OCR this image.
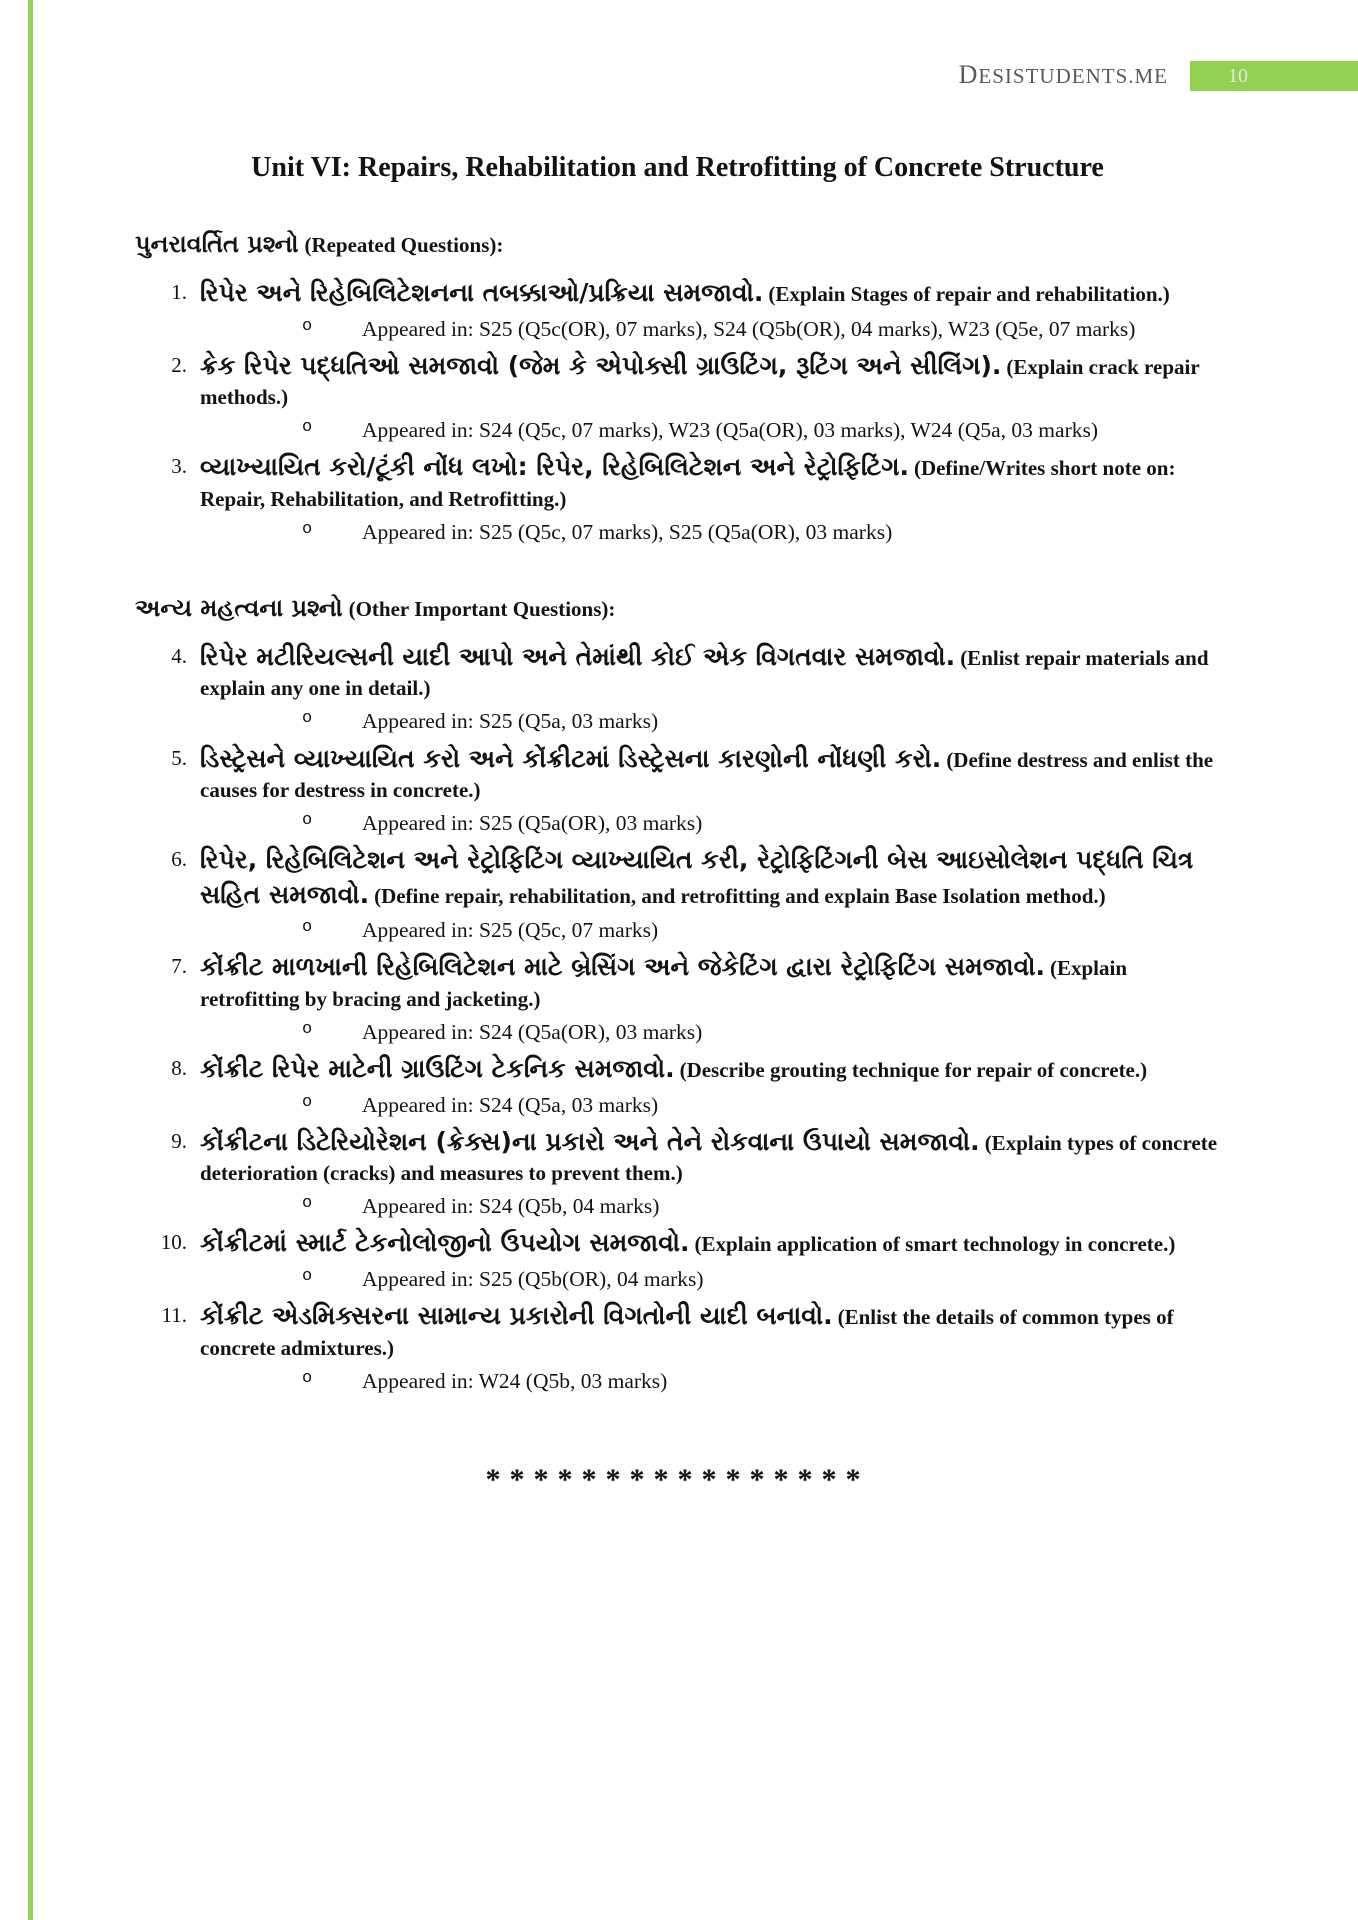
DESISTUDENTS.ME	10
Unit VI: Repairs, Rehabilitation and Retrofitting of Concrete Structure
પુનરાવર્તિત પ્રશ્નો (Repeated Questions):
1. રિપેર અને રિહેબિલિટેશનના તબક્કાઓ/પ્રક્રિયા સમજાવો. (Explain Stages of repair and rehabilitation.)
o Appeared in: S25 (Q5c(OR), 07 marks), S24 (Q5b(OR), 04 marks), W23 (Q5e, 07 marks)
2. ક્રેક રિપેર પદ્ધતિઓ સમજાવો (જેમ કે એપોક્સી ગ્રાઉટિંગ, રૂટિંગ અને સીલિંગ). (Explain crack repair methods.)
o Appeared in: S24 (Q5c, 07 marks), W23 (Q5a(OR), 03 marks), W24 (Q5a, 03 marks)
3. વ્યાખ્યાયિત કરો/ટૂંકી નોંધ લખો: રિપેર, રિહેબિલિટેશન અને રેટ્રોફિટિંગ. (Define/Writes short note on: Repair, Rehabilitation, and Retrofitting.)
o Appeared in: S25 (Q5c, 07 marks), S25 (Q5a(OR), 03 marks)
અન્ય મહત્વના પ્રશ્નો (Other Important Questions):
4. રિપેર મટીરિયલ્સની યાદી આપો અને તેમાંથી કોઈ એક વિગતવાર સમજાવો. (Enlist repair materials and explain any one in detail.)
o Appeared in: S25 (Q5a, 03 marks)
5. ડિસ્ટ્રેસને વ્યાખ્યાયિત કરો અને કોંક્રીટમાં ડિસ્ટ્રેસના કારણોની નોંધણી કરો. (Define destress and enlist the causes for destress in concrete.)
o Appeared in: S25 (Q5a(OR), 03 marks)
6. રિપેર, રિહેબિલિટેશન અને રેટ્રોફિટિંગ વ્યાખ્યાયિત કરી, રેટ્રોફિટિંગની બેસ આઇસોલેશન પદ્ધતિ ચિત્ર સહિત સમજાવો. (Define repair, rehabilitation, and retrofitting and explain Base Isolation method.)
o Appeared in: S25 (Q5c, 07 marks)
7. કોંક્રીટ માળખાની રિહેબિલિટેશન માટે બ્રેસિંગ અને જેકેટિંગ દ્વારા રેટ્રોફિટિંગ સમજાવો. (Explain retrofitting by bracing and jacketing.)
o Appeared in: S24 (Q5a(OR), 03 marks)
8. કોંક્રીટ રિપેર માટેની ગ્રાઉટિંગ ટેકનિક સમજાવો. (Describe grouting technique for repair of concrete.)
o Appeared in: S24 (Q5a, 03 marks)
9. કોંક્રીટના ડિટેરિયોરેશન (ક્રેક્સ)ના પ્રકારો અને તેને રોકવાના ઉપાયો સમજાવો. (Explain types of concrete deterioration (cracks) and measures to prevent them.)
o Appeared in: S24 (Q5b, 04 marks)
10. કોંક્રીટમાં સ્માર્ટ ટેકનોલોજીનો ઉપયોગ સમજાવો. (Explain application of smart technology in concrete.)
o Appeared in: S25 (Q5b(OR), 04 marks)
11. કોંક્રીટ એડમિક્સરના સામાન્ય પ્રકારોની વિગતોની યાદી બનાવો. (Enlist the details of common types of concrete admixtures.)
o Appeared in: W24 (Q5b, 03 marks)
****************
